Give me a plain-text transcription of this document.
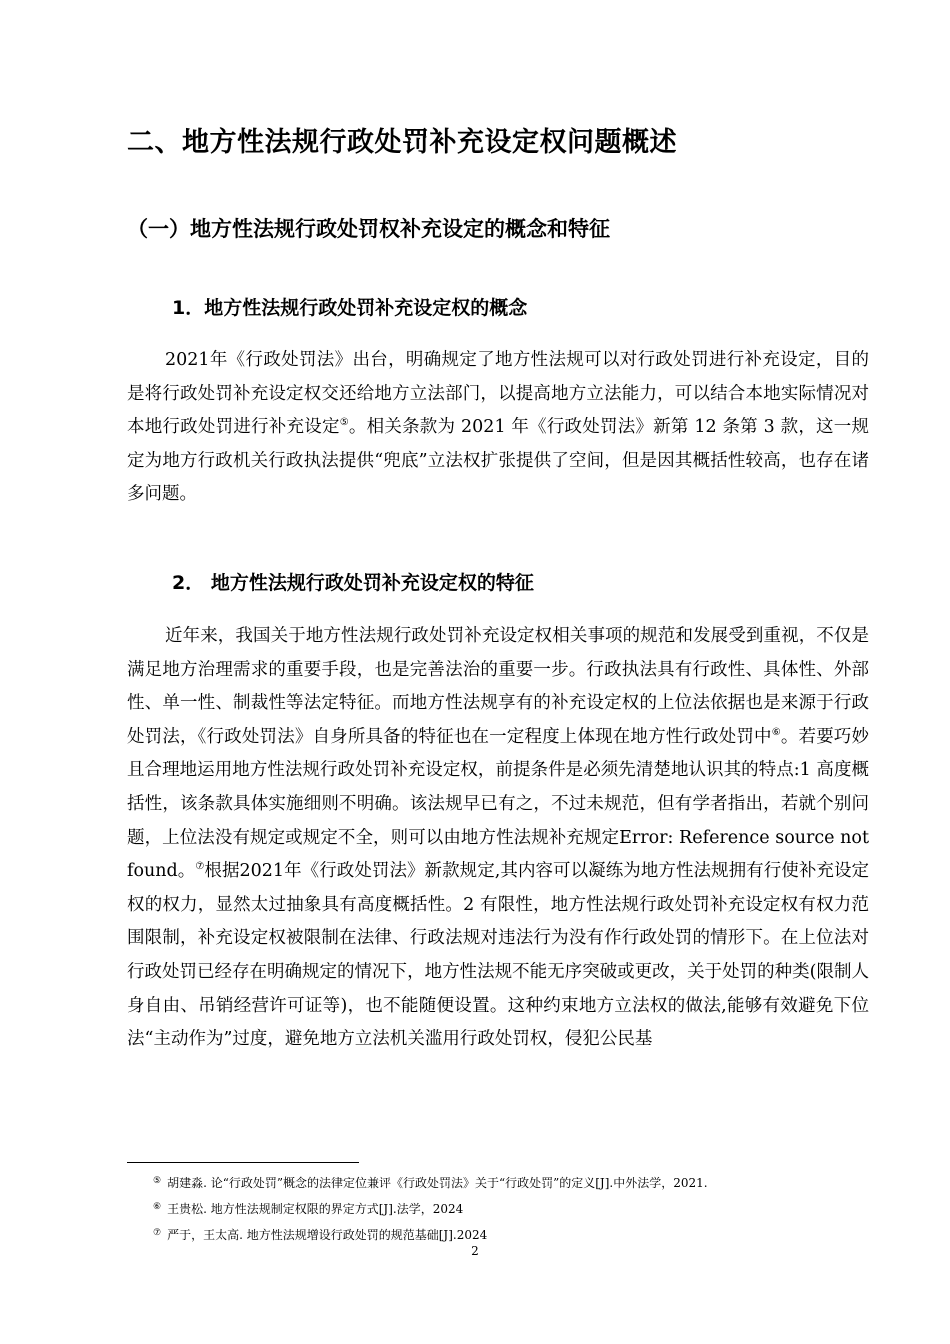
二、地方性法规行政处罚补充设定权问题概述
（一）地方性法规行政处罚权补充设定的概念和特征
1．地方性法规行政处罚补充设定权的概念
2021年《行政处罚法》出台，明确规定了地方性法规可以对行政处罚进行补充设定，目的是将行政处罚补充设定权交还给地方立法部门，以提高地方立法能力，可以结合本地实际情况对本地行政处罚进行补充设定⑤。相关条款为 2021 年《行政处罚法》新第 12 条第 3 款，这一规定为地方行政机关行政执法提供“兜底”立法权扩张提供了空间，但是因其概括性较高，也存在诸多问题。
2． 地方性法规行政处罚补充设定权的特征
近年来，我国关于地方性法规行政处罚补充设定权相关事项的规范和发展受到重视，不仅是满足地方治理需求的重要手段，也是完善法治的重要一步。行政执法具有行政性、具体性、外部性、单一性、制裁性等法定特征。而地方性法规享有的补充设定权的上位法依据也是来源于行政处罚法，《行政处罚法》自身所具备的特征也在一定程度上体现在地方性行政处罚中⑥。若要巧妙且合理地运用地方性法规行政处罚补充设定权，前提条件是必须先清楚地认识其的特点:1 高度概括性，该条款具体实施细则不明确。该法规早已有之，不过未规范，但有学者指出，若就个别问题，上位法没有规定或规定不全，则可以由地方性法规补充规定Error: Reference source not found。⑦根据2021年《行政处罚法》新款规定,其内容可以凝练为地方性法规拥有行使补充设定权的权力，显然太过抽象具有高度概括性。2 有限性，地方性法规行政处罚补充设定权有权力范围限制，补充设定权被限制在法律、行政法规对违法行为没有作行政处罚的情形下。在上位法对行政处罚已经存在明确规定的情况下，地方性法规不能无序突破或更改，关于处罚的种类(限制人身自由、吊销经营许可证等)，也不能随便设置。这种约束地方立法权的做法,能够有效避免下位法“主动作为”过度，避免地方立法机关滥用行政处罚权，侵犯公民基
⑤ 胡建淼. 论“行政处罚”概念的法律定位兼评《行政处罚法》关于“行政处罚”的定义[J].中外法学，2021.
⑥ 王贵松. 地方性法规制定权限的界定方式[J].法学，2024
⑦ 严于，王太高. 地方性法规增设行政处罚的规范基础[J].2024
2
